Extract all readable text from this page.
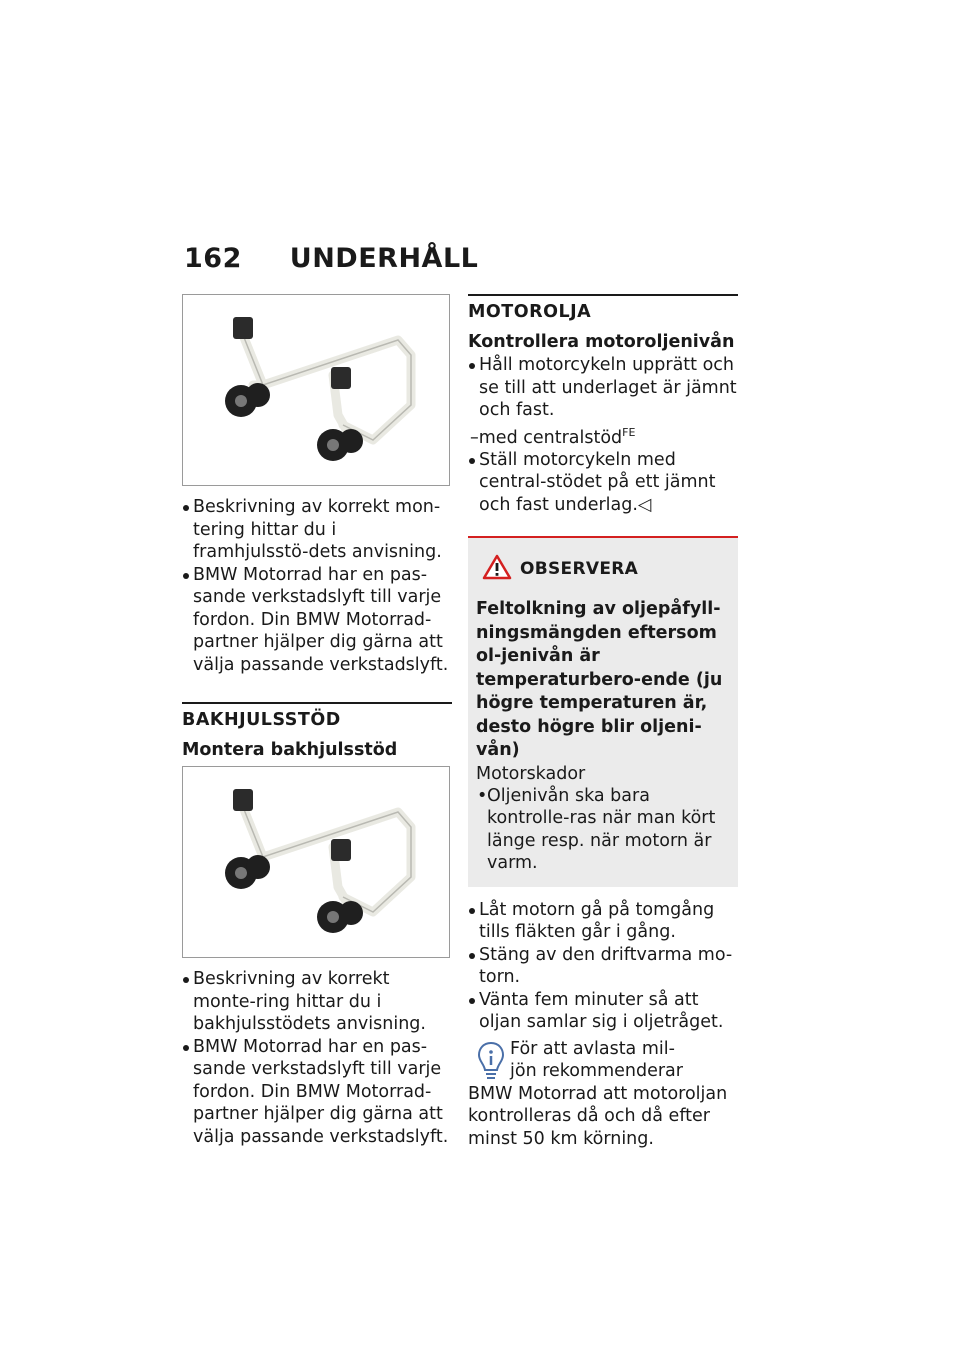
162 UNDERHÅLL
Beskrivning av korrekt mon-tering hittar du i framhjulsstö-dets anvisning.
BMW Motorrad har en pas-sande verkstadslyft till varje fordon. Din BMW Motorrad-partner hjälper dig gärna att välja passande verkstadslyft.
BAKHJULSSTÖD
Montera bakhjulsstöd
Beskrivning av korrekt monte-ring hittar du i bakhjulsstödets anvisning.
BMW Motorrad har en pas-sande verkstadslyft till varje fordon. Din BMW Motorrad-partner hjälper dig gärna att välja passande verkstadslyft.
MOTOROLJA
Kontrollera motoroljenivån
Håll motorcykeln upprätt och se till att underlaget är jämnt och fast.
–med centralstöd$^{FE}$
Ställ motorcykeln med central-stödet på ett jämnt och fast underlag.◁
OBSERVERA
Feltolkning av oljepåfyll-ningsmängden eftersom ol-jenivån är temperaturbero-ende (ju högre temperaturen är, desto högre blir oljeni-vån)
Motorskador
• Oljenivån ska bara kontrolle-ras när man kört länge resp. när motorn är varm.
Låt motorn gå på tomgång tills fläkten går i gång.
Stäng av den driftvarma mo-torn.
Vänta fem minuter så att oljan samlar sig i oljetråget.
För att avlasta mil-
jön rekommenderar
BMW Motorrad att motoroljan kontrolleras då och då efter minst 50 km körning.
